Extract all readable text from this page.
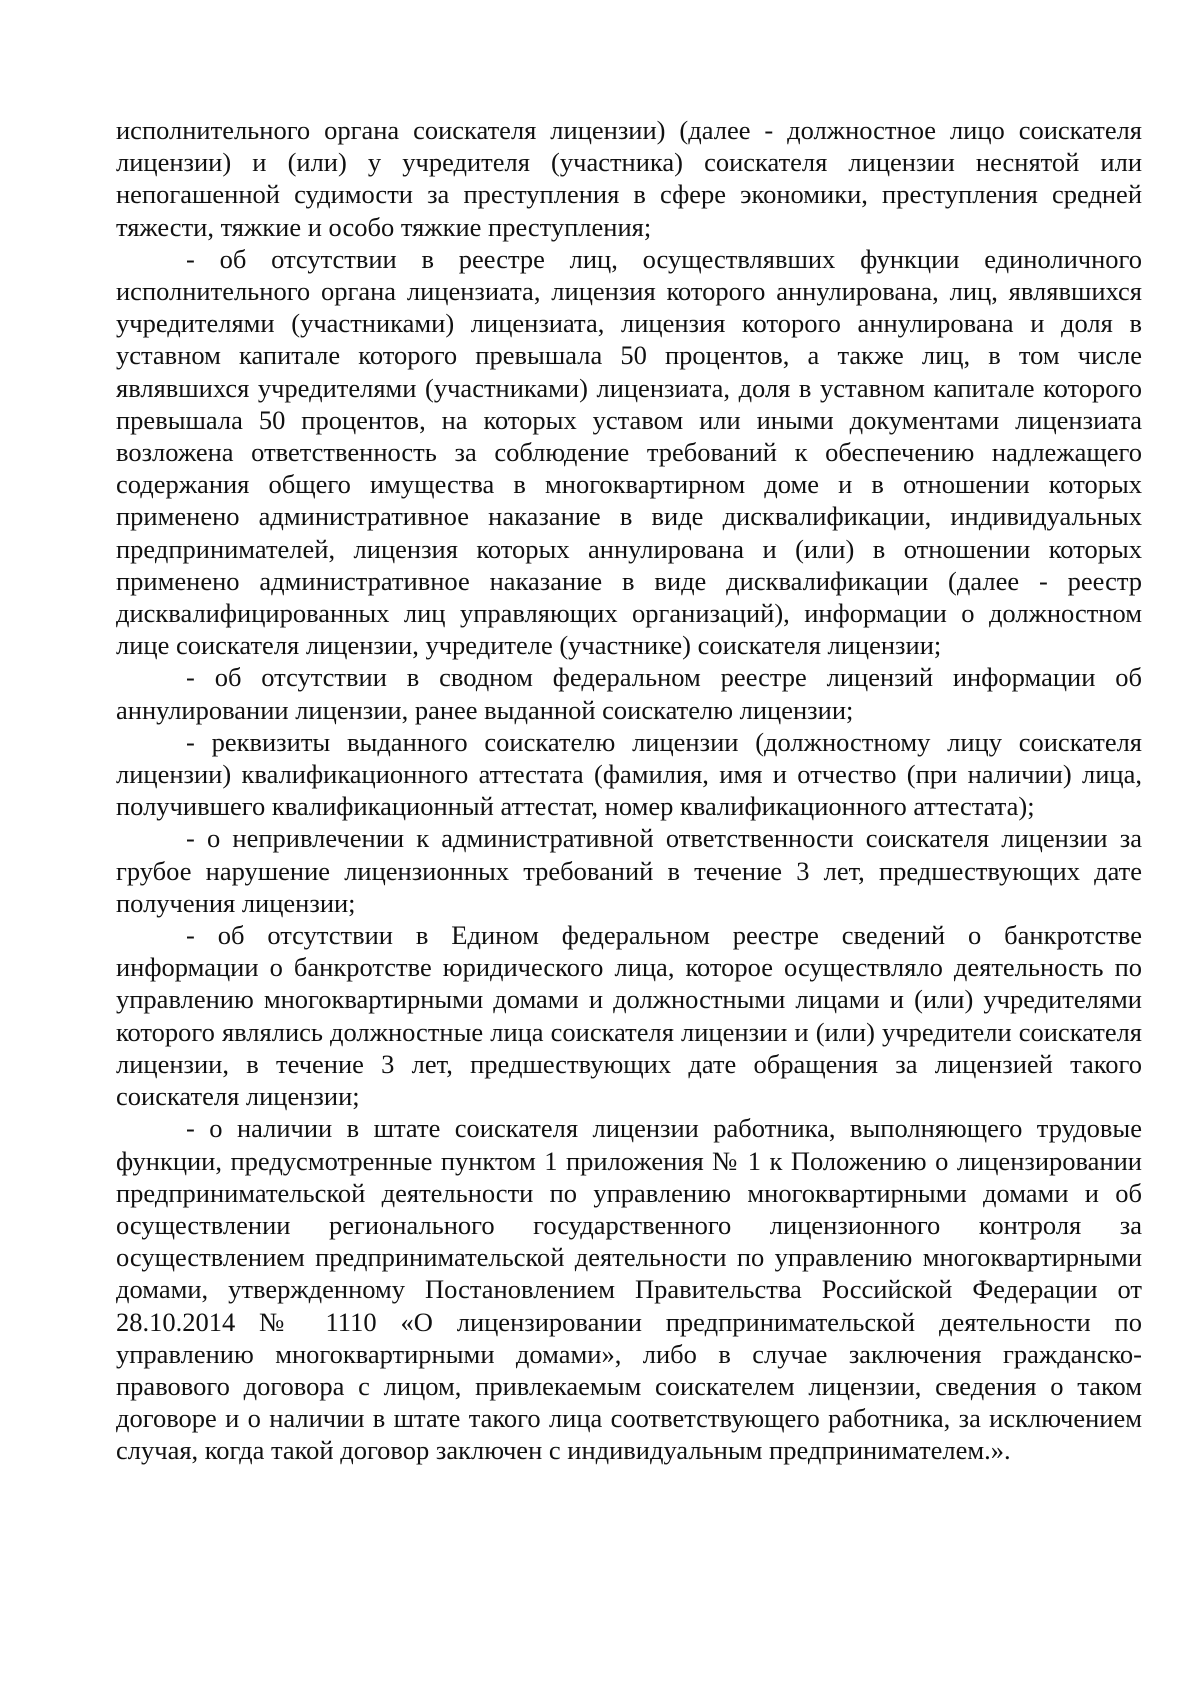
исполнительного органа соискателя лицензии) (далее - должностное лицо соискателя лицензии) и (или) у учредителя (участника) соискателя лицензии неснятой или непогашенной судимости за преступления в сфере экономики, преступления средней тяжести, тяжкие и особо тяжкие преступления;

- об отсутствии в реестре лиц, осуществлявших функции единоличного исполнительного органа лицензиата, лицензия которого аннулирована, лиц, являвшихся учредителями (участниками) лицензиата, лицензия которого аннулирована и доля в уставном капитале которого превышала 50 процентов, а также лиц, в том числе являвшихся учредителями (участниками) лицензиата, доля в уставном капитале которого превышала 50 процентов, на которых уставом или иными документами лицензиата возложена ответственность за соблюдение требований к обеспечению надлежащего содержания общего имущества в многоквартирном доме и в отношении которых применено административное наказание в виде дисквалификации, индивидуальных предпринимателей, лицензия которых аннулирована и (или) в отношении которых применено административное наказание в виде дисквалификации (далее - реестр дисквалифицированных лиц управляющих организаций), информации о должностном лице соискателя лицензии, учредителе (участнике) соискателя лицензии;

- об отсутствии в сводном федеральном реестре лицензий информации об аннулировании лицензии, ранее выданной соискателю лицензии;

- реквизиты выданного соискателю лицензии (должностному лицу соискателя лицензии) квалификационного аттестата (фамилия, имя и отчество (при наличии) лица, получившего квалификационный аттестат, номер квалификационного аттестата);

- о непривлечении к административной ответственности соискателя лицензии за грубое нарушение лицензионных требований в течение 3 лет, предшествующих дате получения лицензии;

- об отсутствии в Едином федеральном реестре сведений о банкротстве информации о банкротстве юридического лица, которое осуществляло деятельность по управлению многоквартирными домами и должностными лицами и (или) учредителями которого являлись должностные лица соискателя лицензии и (или) учредители соискателя лицензии, в течение 3 лет, предшествующих дате обращения за лицензией такого соискателя лицензии;

- о наличии в штате соискателя лицензии работника, выполняющего трудовые функции, предусмотренные пунктом 1 приложения № 1 к Положению о лицензировании предпринимательской деятельности по управлению многоквартирными домами и об осуществлении регионального государственного лицензионного контроля за осуществлением предпринимательской деятельности по управлению многоквартирными домами, утвержденному Постановлением Правительства Российской Федерации от 28.10.2014 № 1110 «О лицензировании предпринимательской деятельности по управлению многоквартирными домами», либо в случае заключения гражданско-правового договора с лицом, привлекаемым соискателем лицензии, сведения о таком договоре и о наличии в штате такого лица соответствующего работника, за исключением случая, когда такой договор заключен с индивидуальным предпринимателем.».
